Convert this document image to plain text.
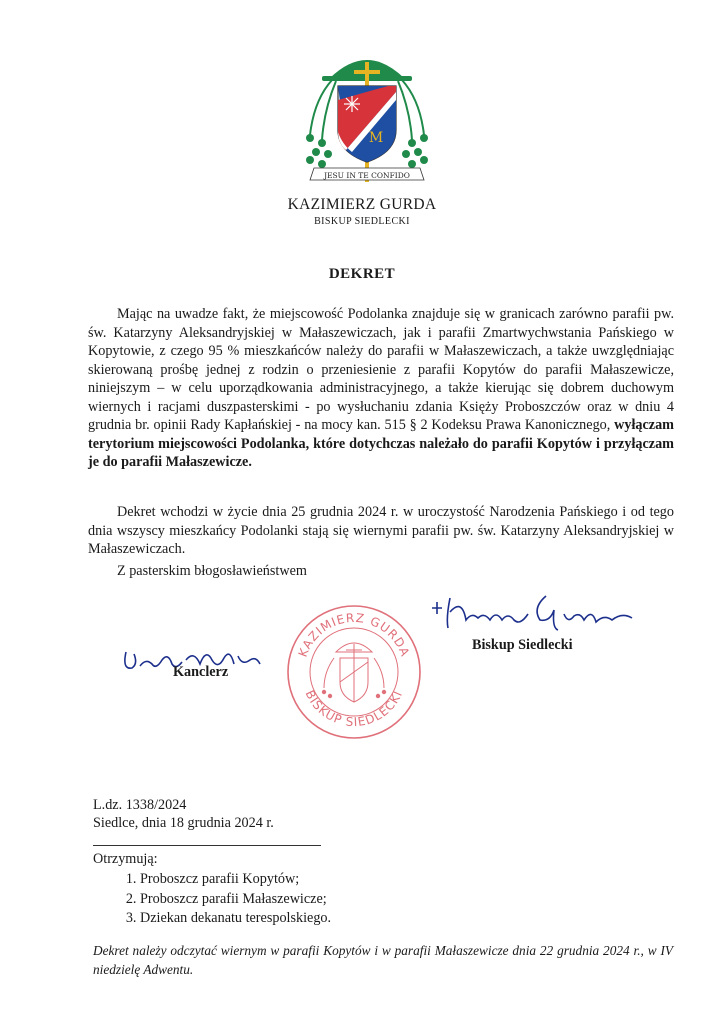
M
JESU IN TE CONFIDO
KAZIMIERZ GURDA
BISKUP SIEDLECKI
DEKRET

Mając na uwadze fakt, że miejscowość Podolanka znajduje się w granicach zarówno parafii pw. św. Katarzyny Aleksandryjskiej w Małaszewiczach, jak i parafii Zmartwychwstania Pańskiego w Kopytowie, z czego 95 % mieszkańców należy do parafii w Małaszewiczach, a także uwzględniając skierowaną prośbę jednej z rodzin o przeniesienie z parafii Kopytów do parafii Małaszewicze, niniejszym – w celu uporządkowania administracyjnego, a także kierując się dobrem duchowym wiernych i racjami duszpasterskimi - po wysłuchaniu zdania Księży Proboszczów oraz w dniu 4 grudnia br. opinii Rady Kapłańskiej - na mocy kan. 515 § 2 Kodeksu Prawa Kanonicznego, wyłączam terytorium miejscowości Podolanka, które dotychczas należało do parafii Kopytów i przyłączam je do parafii Małaszewicze.

Dekret wchodzi w życie dnia 25 grudnia 2024 r. w uroczystość Narodzenia Pańskiego i od tego dnia wszyscy mieszkańcy Podolanki stają się wiernymi parafii pw. św. Katarzyny Aleksandryjskiej w Małaszewiczach.

Z pasterskim błogosławieństwem
Kanclerz
Biskup Siedlecki
KAZIMIERZ GURDA
BISKUP SIEDLECKI
L.dz. 1338/2024
Siedlce, dnia 18 grudnia 2024 r.
Otrzymują:
1. Proboszcz parafii Kopytów;
2. Proboszcz parafii Małaszewicze;
3. Dziekan dekanatu terespolskiego.
Dekret należy odczytać wiernym w parafii Kopytów i w parafii Małaszewicze dnia 22 grudnia 2024 r., w IV niedzielę Adwentu.
